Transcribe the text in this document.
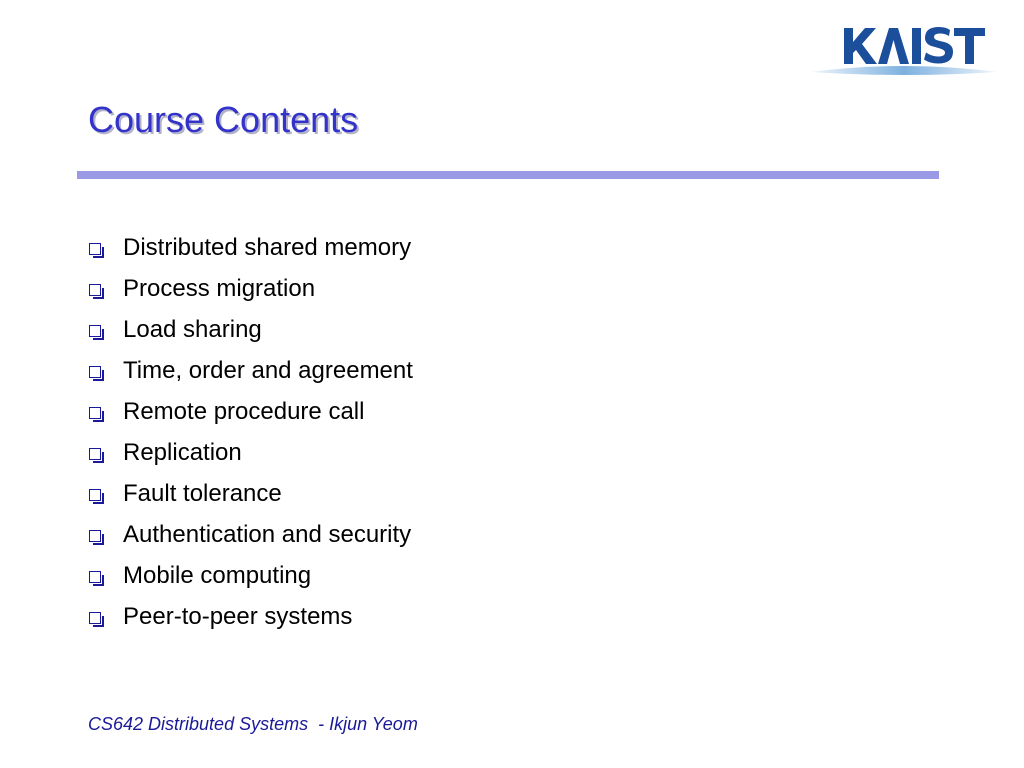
Course Contents
Distributed shared memory
Process migration
Load sharing
Time, order and agreement
Remote procedure call
Replication
Fault tolerance
Authentication and security
Mobile computing
Peer-to-peer systems
CS642 Distributed Systems  - Ikjun Yeom
